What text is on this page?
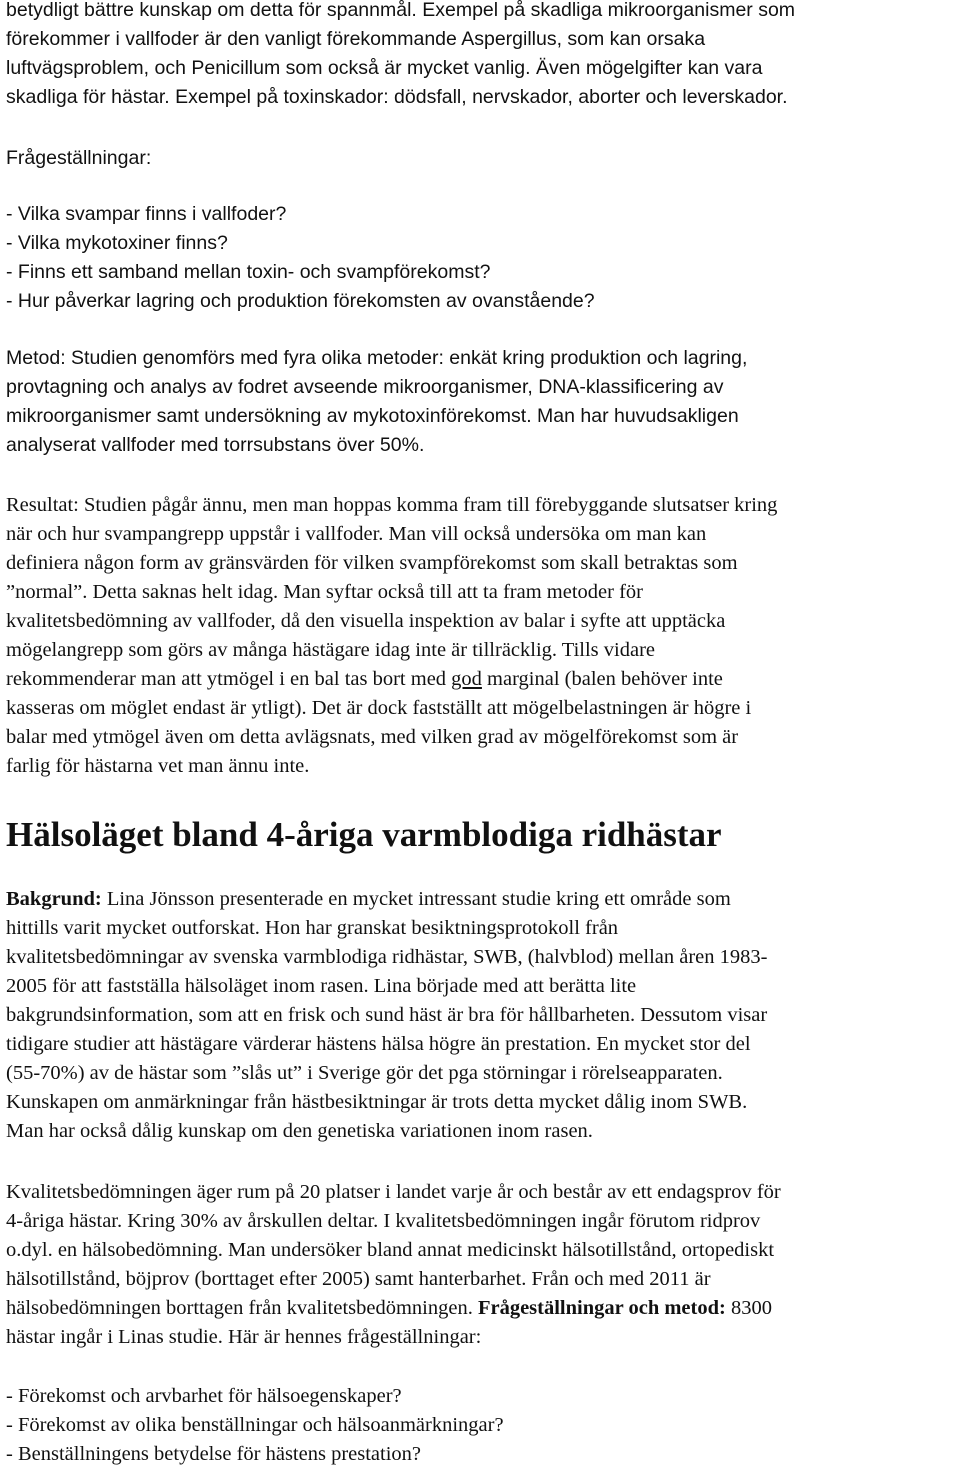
betydligt bättre kunskap om detta för spannmål. Exempel på skadliga mikroorganismer som
förekommer i vallfoder är den vanligt förekommande Aspergillus, som kan orsaka
luftvägsproblem, och Penicillum som också är mycket vanlig. Även mögelgifter kan vara
skadliga för hästar. Exempel på toxinskador: dödsfall, nervskador, aborter och leverskador.
Frågeställningar:
- Vilka svampar finns i vallfoder?
- Vilka mykotoxiner finns?
- Finns ett samband mellan toxin- och svampförekomst?
- Hur påverkar lagring och produktion förekomsten av ovanstående?
Metod: Studien genomförs med fyra olika metoder: enkät kring produktion och lagring,
provtagning och analys av fodret avseende mikroorganismer, DNA-klassificering av
mikroorganismer samt undersökning av mykotoxinförekomst. Man har huvudsakligen
analyserat vallfoder med torrsubstans över 50%.
Resultat: Studien pågår ännu, men man hoppas komma fram till förebyggande slutsatser kring
när och hur svampangrepp uppstår i vallfoder. Man vill också undersöka om man kan
definiera någon form av gränsvärden för vilken svampförekomst som skall betraktas som
”normal”. Detta saknas helt idag. Man syftar också till att ta fram metoder för
kvalitetsbedömning av vallfoder, då den visuella inspektion av balar i syfte att upptäcka
mögelangrepp som görs av många hästägare idag inte är tillräcklig. Tills vidare
rekommenderar man att ytmögel i en bal tas bort med god marginal (balen behöver inte
kasseras om möglet endast är ytligt). Det är dock fastställt att mögelbelastningen är högre i
balar med ytmögel även om detta avlägsnats, med vilken grad av mögelförekomst som är
farlig för hästarna vet man ännu inte.
Hälsoläget bland 4-åriga varmblodiga ridhästar
Bakgrund: Lina Jönsson presenterade en mycket intressant studie kring ett område som
hittills varit mycket outforskat. Hon har granskat besiktningsprotokoll från
kvalitetsbedömningar av svenska varmblodiga ridhästar, SWB, (halvblod) mellan åren 1983-
2005 för att fastställa hälsoläget inom rasen. Lina började med att berätta lite
bakgrundsinformation, som att en frisk och sund häst är bra för hållbarheten. Dessutom visar
tidigare studier att hästägare värderar hästens hälsa högre än prestation. En mycket stor del
(55-70%) av de hästar som ”slås ut” i Sverige gör det pga störningar i rörelseapparaten.
Kunskapen om anmärkningar från hästbesiktningar är trots detta mycket dålig inom SWB.
Man har också dålig kunskap om den genetiska variationen inom rasen.
Kvalitetsbedömningen äger rum på 20 platser i landet varje år och består av ett endagsprov för
4-åriga hästar. Kring 30% av årskullen deltar. I kvalitetsbedömningen ingår förutom ridprov
o.dyl. en hälsobedömning. Man undersöker bland annat medicinskt hälsotillstånd, ortopediskt
hälsotillstånd, böjprov (borttaget efter 2005) samt hanterbarhet. Från och med 2011 är
hälsobedömningen borttagen från kvalitetsbedömningen. Frågeställningar och metod: 8300
hästar ingår i Linas studie. Här är hennes frågeställningar:
- Förekomst och arvbarhet för hälsoegenskaper?
- Förekomst av olika benställningar och hälsoanmärkningar?
- Benställningens betydelse för hästens prestation?
